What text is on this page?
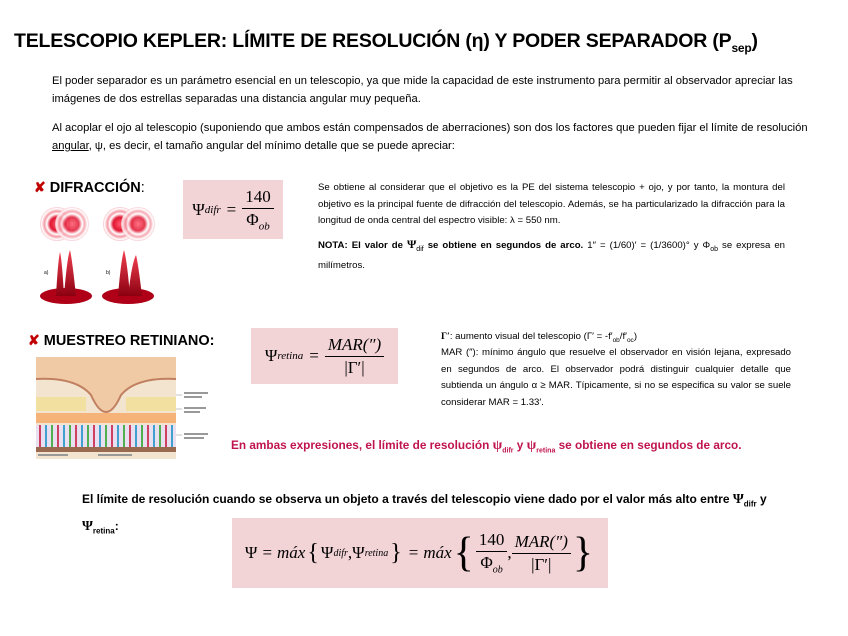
TELESCOPIO KEPLER: LÍMITE DE RESOLUCIÓN (η) Y PODER SEPARADOR $(P_{sep})$
El poder separador es un parámetro esencial en un telescopio, ya que mide la capacidad de este instrumento para permitir al observador apreciar las imágenes de dos estrellas separadas una distancia angular muy pequeña.
Al acoplar el ojo al telescopio (suponiendo que ambos están compensados de aberraciones) son dos los factores que pueden fijar el límite de resolución angular, ψ, es decir, el tamaño angular del mínimo detalle que se puede apreciar:
✘ DIFRACCIÓN:
a)	b)
Ψ difr = $\frac{140}{\Phi_{ob}}$	Se obtiene al considerar que el objetivo es la PE del sistema telescopio + ojo, y por tanto, la montura del objetivo es la principal fuente de difracción del telescopio. Además, se ha particularizado la difracción para la longitud de onda central del espectro visible: λ = 550 nm.
NOTA: El valor de $\Psi_{dif}$ se obtiene en segundos de arco. 1″ = (1/60)′ = (1/3600)° y $\Phi_{ob}$ se expresa en milímetros.
✘ MUESTREO RETINIANO:
Ψ retina = $\frac{\text{MAR(″)}}{|\Gamma'|}$	Γ′: aumento visual del telescopio $(\Gamma' = -f'_{ob}/f'_{oc})$
MAR (″): mínimo ángulo que resuelve el observador en visión lejana, expresado en segundos de arco. El observador podrá distinguir cualquier detalle que subtienda un ángulo α ≥ MAR. Típicamente, si no se especifica su valor se suele considerar MAR = 1.33′.
En ambas expresiones, el límite de resolución $\psi_{difr}$ y $\psi_{retina}$ se obtiene en segundos de arco.
El límite de resolución cuando se observa un objeto a través del telescopio viene dado por el valor más alto entre $\Psi_{difr}$ y $\Psi_{retina}$:
Ψ = máx { Ψ difr , Ψ retina } = máx { $\frac{140}{\Phi_{ob}}$ , $\frac{\text{MAR(″)}}{|\Gamma'|}$ }
